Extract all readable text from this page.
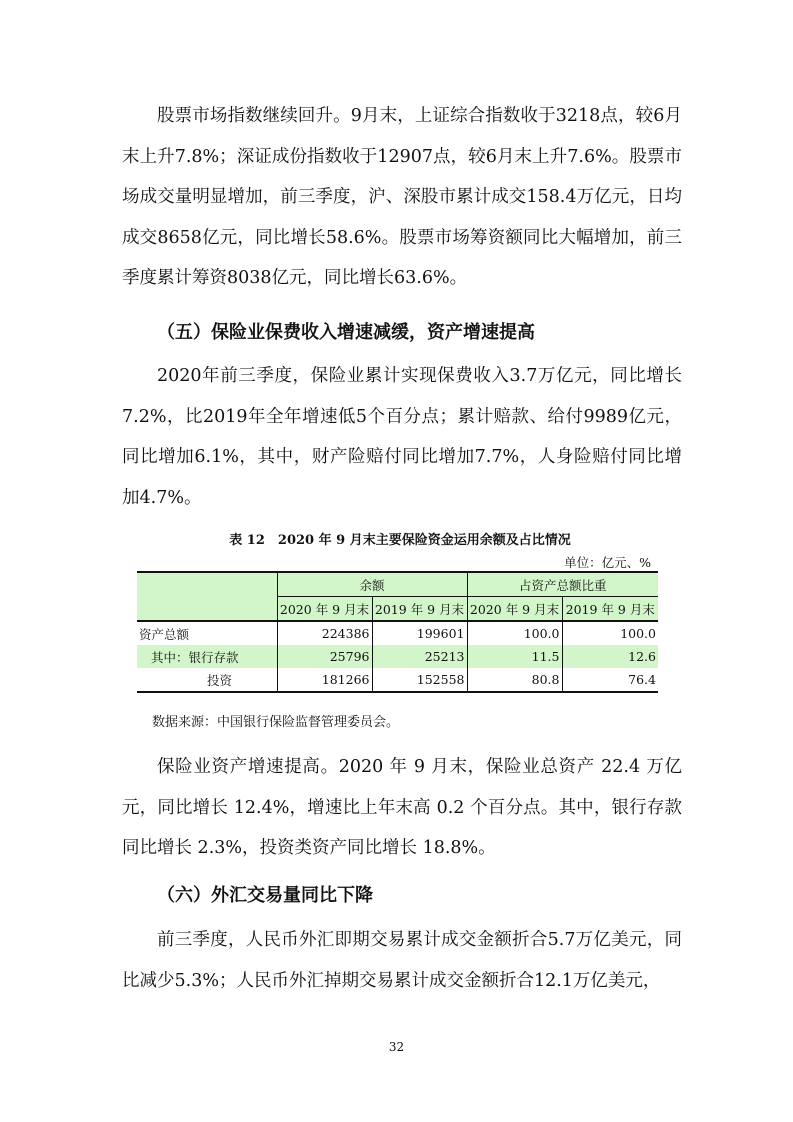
股票市场指数继续回升。9月末，上证综合指数收于3218点，较6月末上升7.8%；深证成份指数收于12907点，较6月末上升7.6%。股票市场成交量明显增加，前三季度，沪、深股市累计成交158.4万亿元，日均成交8658亿元，同比增长58.6%。股票市场筹资额同比大幅增加，前三季度累计筹资8038亿元，同比增长63.6%。

（五）保险业保费收入增速减缓，资产增速提高

2020年前三季度，保险业累计实现保费收入3.7万亿元，同比增长7.2%，比2019年全年增速低5个百分点；累计赔款、给付9989亿元，同比增加6.1%，其中，财产险赔付同比增加7.7%，人身险赔付同比增加4.7%。

表 12　2020 年 9 月末主要保险资金运用余额及占比情况

单位：亿元、%

	余额		占资产总额比重	
	2020 年 9 月末	2019 年 9 月末	2020 年 9 月末	2019 年 9 月末
资产总额	224386	199601	100.0	100.0
其中：银行存款	25796	25213	11.5	12.6
投资	181266	152558	80.8	76.4

数据来源：中国银行保险监督管理委员会。

保险业资产增速提高。2020 年 9 月末，保险业总资产 22.4 万亿元，同比增长 12.4%，增速比上年末高 0.2 个百分点。其中，银行存款同比增长 2.3%，投资类资产同比增长 18.8%。

（六）外汇交易量同比下降

前三季度，人民币外汇即期交易累计成交金额折合5.7万亿美元，同比减少5.3%；人民币外汇掉期交易累计成交金额折合12.1万亿美元，

32
